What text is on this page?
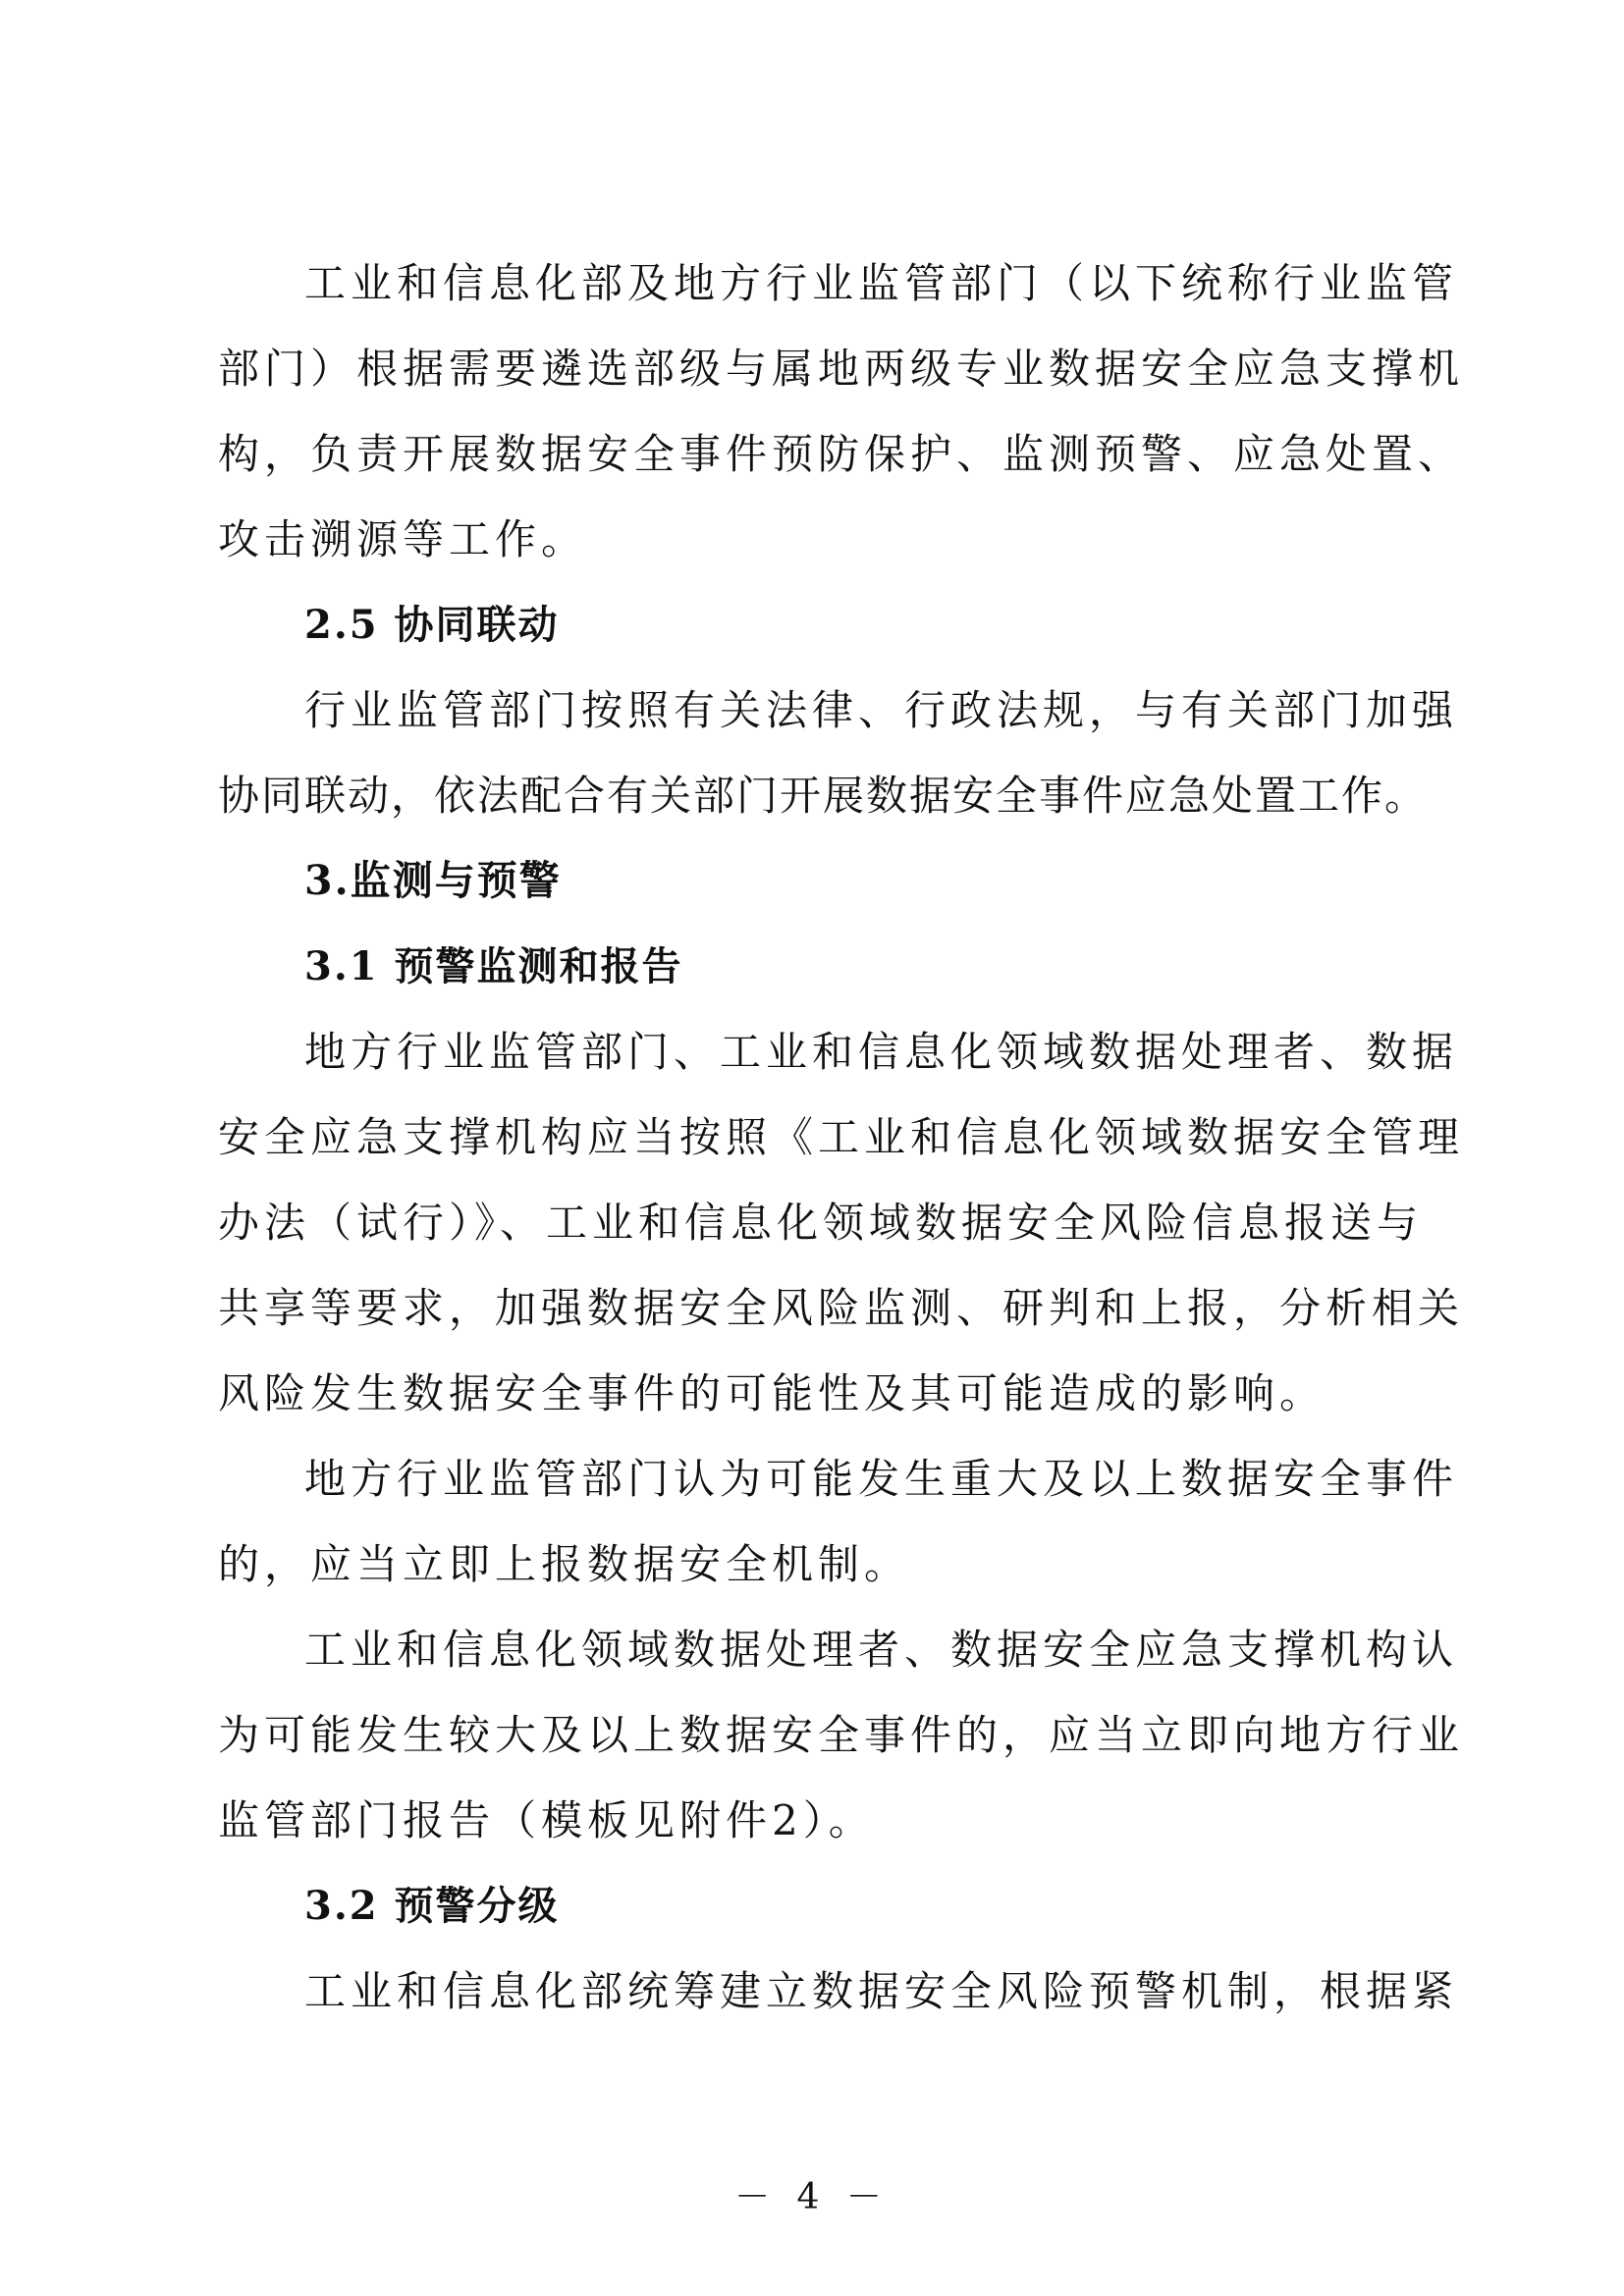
工业和信息化部及地方行业监管部门（以下统称行业监管
部门）根据需要遴选部级与属地两级专业数据安全应急支撑机
构，负责开展数据安全事件预防保护、监测预警、应急处置、
攻击溯源等工作。

2.5 协同联动

行业监管部门按照有关法律、行政法规，与有关部门加强
协同联动，依法配合有关部门开展数据安全事件应急处置工作。

3.监测与预警
3.1 预警监测和报告

地方行业监管部门、工业和信息化领域数据处理者、数据
安全应急支撑机构应当按照《工业和信息化领域数据安全管理
办法（试行）》、工业和信息化领域数据安全风险信息报送与
共享等要求，加强数据安全风险监测、研判和上报，分析相关
风险发生数据安全事件的可能性及其可能造成的影响。

地方行业监管部门认为可能发生重大及以上数据安全事件
的，应当立即上报数据安全机制。

工业和信息化领域数据处理者、数据安全应急支撑机构认
为可能发生较大及以上数据安全事件的，应当立即向地方行业
监管部门报告（模板见附件2）。

3.2 预警分级

工业和信息化部统筹建立数据安全风险预警机制，根据紧

－ 4 －
